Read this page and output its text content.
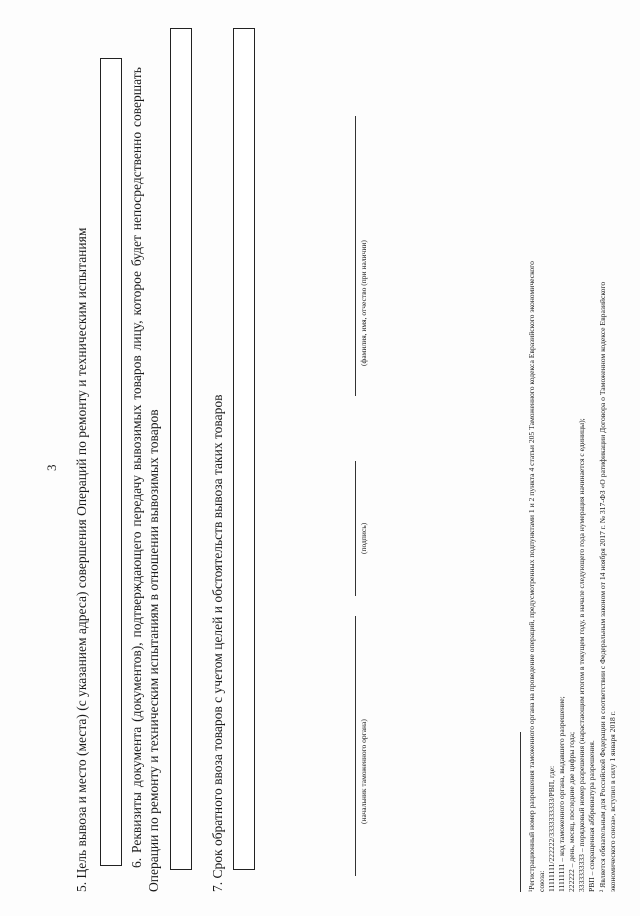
3 5. Цель вывоза и место (места) (с указанием адреса) совершения Операций по ремонту и техническим испытаниям	6. Реквизиты документа (документов), подтверждающего передачу вывозимых товаров лицу, которое будет непосредственно совершать Операции по ремонту и техническим испытаниям в отношении вывозимых товаров	7. Срок обратного ввоза товаров с учетом целей и обстоятельств вывоза таких товаров	(начальник таможенного органа)
(подпись)
(фамилия, имя, отчество (при наличии)	¹Регистрационный номер разрешения таможенного органа на проведение операций, предусмотренных подпунктами 1 и 2 пункта 4 статьи 205 Таможенного кодекса Евразийского экономического союза: 11111111/222222/3333333333/РВП, где: 11111111 – код таможенного органа, выдавшего разрешение; 222222 – день, месяц, последние две цифры года; 3333333333 – порядковый номер разрешения (нарастающим итогом в текущем году, в начале следующего года нумерация начинается с единицы); РВП – сокращенная аббревиатура разрешения. ² Является обязательным для Российской Федерации в соответствии с Федеральным законом от 14 ноября 2017 г. № 317-ФЗ «О ратификации Договора о Таможенном кодексе Евразийского экономического союза», вступил в силу 1 января 2018 г.
